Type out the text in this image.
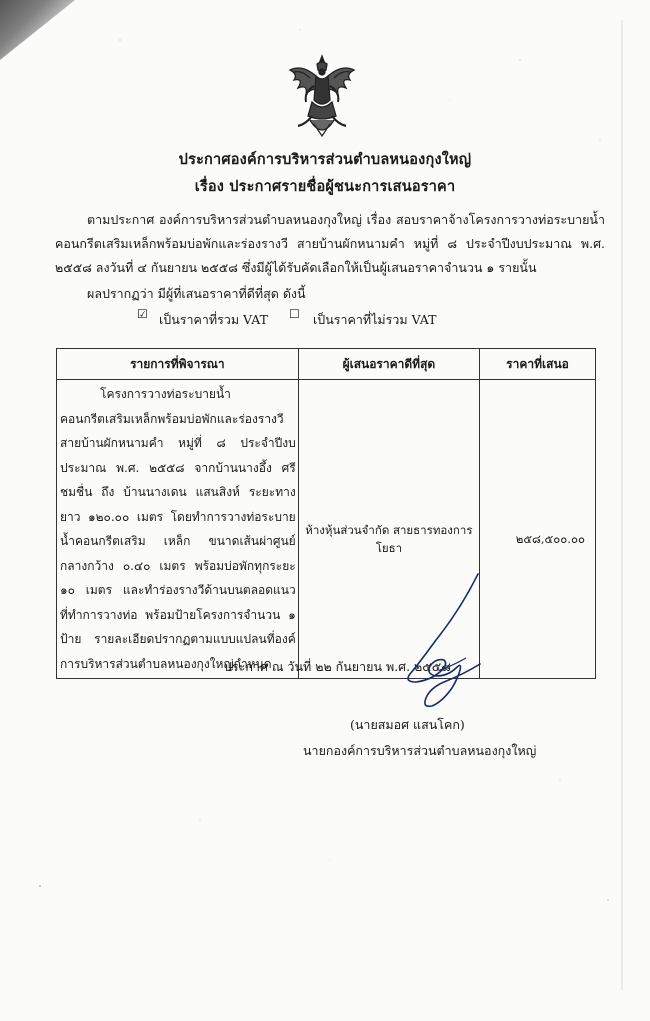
ประกาศองค์การบริหารส่วนตำบลหนองกุงใหญ่
เรื่อง ประกาศรายชื่อผู้ชนะการเสนอราคา
ตามประกาศ องค์การบริหารส่วนตำบลหนองกุงใหญ่ เรื่อง สอบราคาจ้างโครงการวางท่อระบายน้ำคอนกรีตเสริมเหล็กพร้อมบ่อพักและร่องรางวี สายบ้านผักหนามคำ หมู่ที่ ๘ ประจำปีงบประมาณ พ.ศ. ๒๕๕๘ ลงวันที่ ๔ กันยายน ๒๕๕๘ ซึ่งมีผู้ได้รับคัดเลือกให้เป็นผู้เสนอราคาจำนวน ๑ รายนั้น
ผลปรากฏว่า มีผู้ที่เสนอราคาที่ดีที่สุด ดังนี้
☑ เป็นราคาที่รวม VAT ☐ เป็นราคาที่ไม่รวม VAT
รายการที่พิจารณา	ผู้เสนอราคาดีที่สุด	ราคาที่เสนอ
โครงการวางท่อระบายน้ำคอนกรีตเสริมเหล็กพร้อมบ่อพักและร่องรางวี สายบ้านผักหนามคำ หมู่ที่ ๘ ประจำปีงบ ประมาณ พ.ศ. ๒๕๕๘ จากบ้านนางอึ้ง ศรีชมชื่น ถึง บ้านนางเดน แสนสิงห์ ระยะทางยาว ๑๒๐.๐๐ เมตร โดยทำการวางท่อระบายน้ำคอนกรีตเสริม เหล็ก ขนาดเส้นผ่าศูนย์ กลางกว้าง ๐.๔๐ เมตร พร้อมบ่อพักทุกระยะ ๑๐ เมตร และทำร่องรางวีด้านบนตลอดแนวที่ทำการวางท่อ พร้อมป้ายโครงการจำนวน ๑ ป้าย รายละเอียดปรากฏตามแบบแปลนที่องค์ การบริหารส่วนตำบลหนองกุงใหญ่กำหนด	ห้างหุ้นส่วนจำกัด สายธารทองการโยธา	๒๕๘,๕๐๐.๐๐
ประกาศ ณ วันที่ ๒๒ กันยายน พ.ศ. ๒๕๕๘
(นายสมอศ แสนโคก)
นายกองค์การบริหารส่วนตำบลหนองกุงใหญ่
